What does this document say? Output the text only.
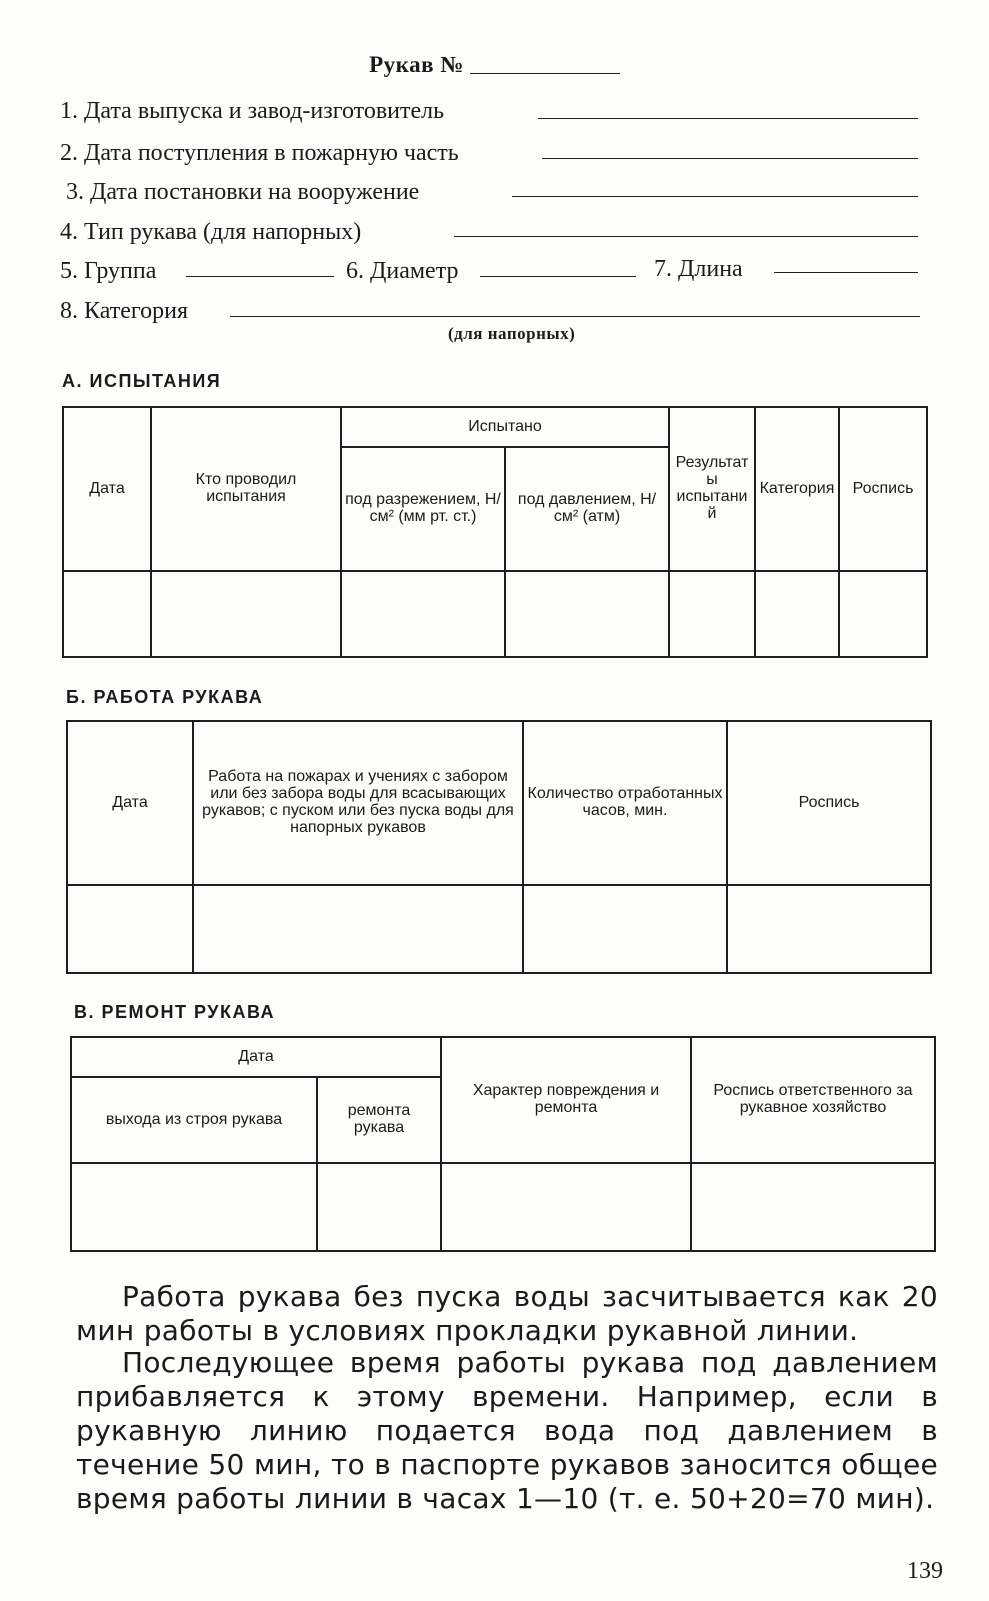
Рукав №
1. Дата выпуска и завод-изготовитель
2. Дата поступления в пожарную часть
3. Дата постановки на вооружение
4. Тип рукава (для напорных)
5. Группа	6. Диаметр	7. Длина
8. Категория
(для напорных)
А. ИСПЫТАНИЯ
Дата	Кто проводил испытания	Испытано		Результаты испытаний	Категория	Роспись
		под разрежением, Н/см² (мм рт. ст.)	под давлением, Н/см² (атм)			

Б. РАБОТА РУКАВА
Дата	Работа на пожарах и учениях с забором или без забора воды для всасывающих рукавов; с пуском или без пуска воды для напорных рукавов	Количество отработанных часов, мин.	Роспись

В. РЕМОНТ РУКАВА
Дата		Характер повреждения и ремонта	Роспись ответственного за рукавное хозяйство
выхода из строя рукава	ремонта рукава		

Работа рукава без пуска воды засчитывается как 20 мин работы в условиях прокладки рукавной линии.
Последующее время работы рукава под давлением прибавляется к этому времени. Например, если в рукавную линию подается вода под давлением в течение 50 мин, то в паспорте рукавов заносится общее время работы линии в часах 1—10 (т. е. 50+20=70 мин).
139
